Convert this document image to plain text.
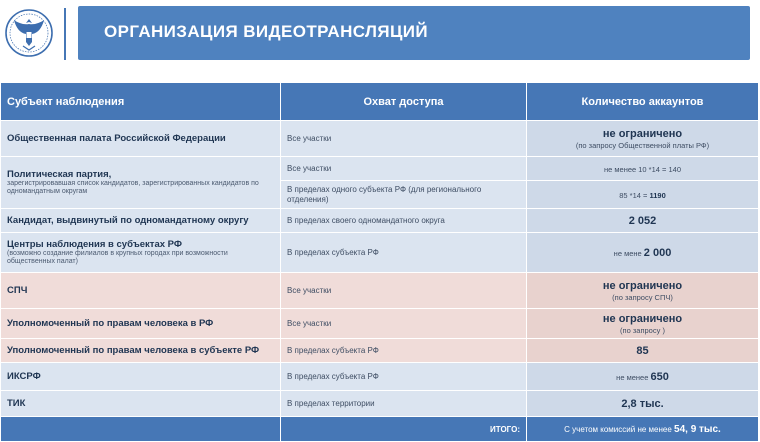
ОРГАНИЗАЦИЯ ВИДЕОТРАНСЛЯЦИЙ
Субъект наблюдения	Охват доступа	Количество аккаунтов

Общественная палата Российской Федерации	Все участки	не ограничено
(по запросу Общественной платы РФ)

Политическая партия,
зарегистрировавшая список кандидатов, зарегистрированных кандидатов по одномандатным округам	Все участки	не менее 10 *14 = 140

	В пределах одного субъекта РФ (для регионального отделения)	85 *14 = 1190

Кандидат, выдвинутый по одномандатному округу	В пределах своего одномандатного округа	2 052

Центры наблюдения в субъектах РФ
(возможно создание филиалов в крупных городах при возможности общественных палат)	В пределах субъекта РФ	не мене 2 000

СПЧ	Все участки	не ограничено
(по запросу СПЧ)

Уполномоченный по правам человека в РФ	Все участки	не ограничено
(по запросу )

Уполномоченный по правам человека в субъекте РФ	В пределах субъекта РФ	85

ИКСРФ	В пределах субъекта РФ	не менее 650

ТИК	В пределах территории	2,8 тыс.
	ИТОГО:	С учетом комиссий не менее 54, 9 тыс.
